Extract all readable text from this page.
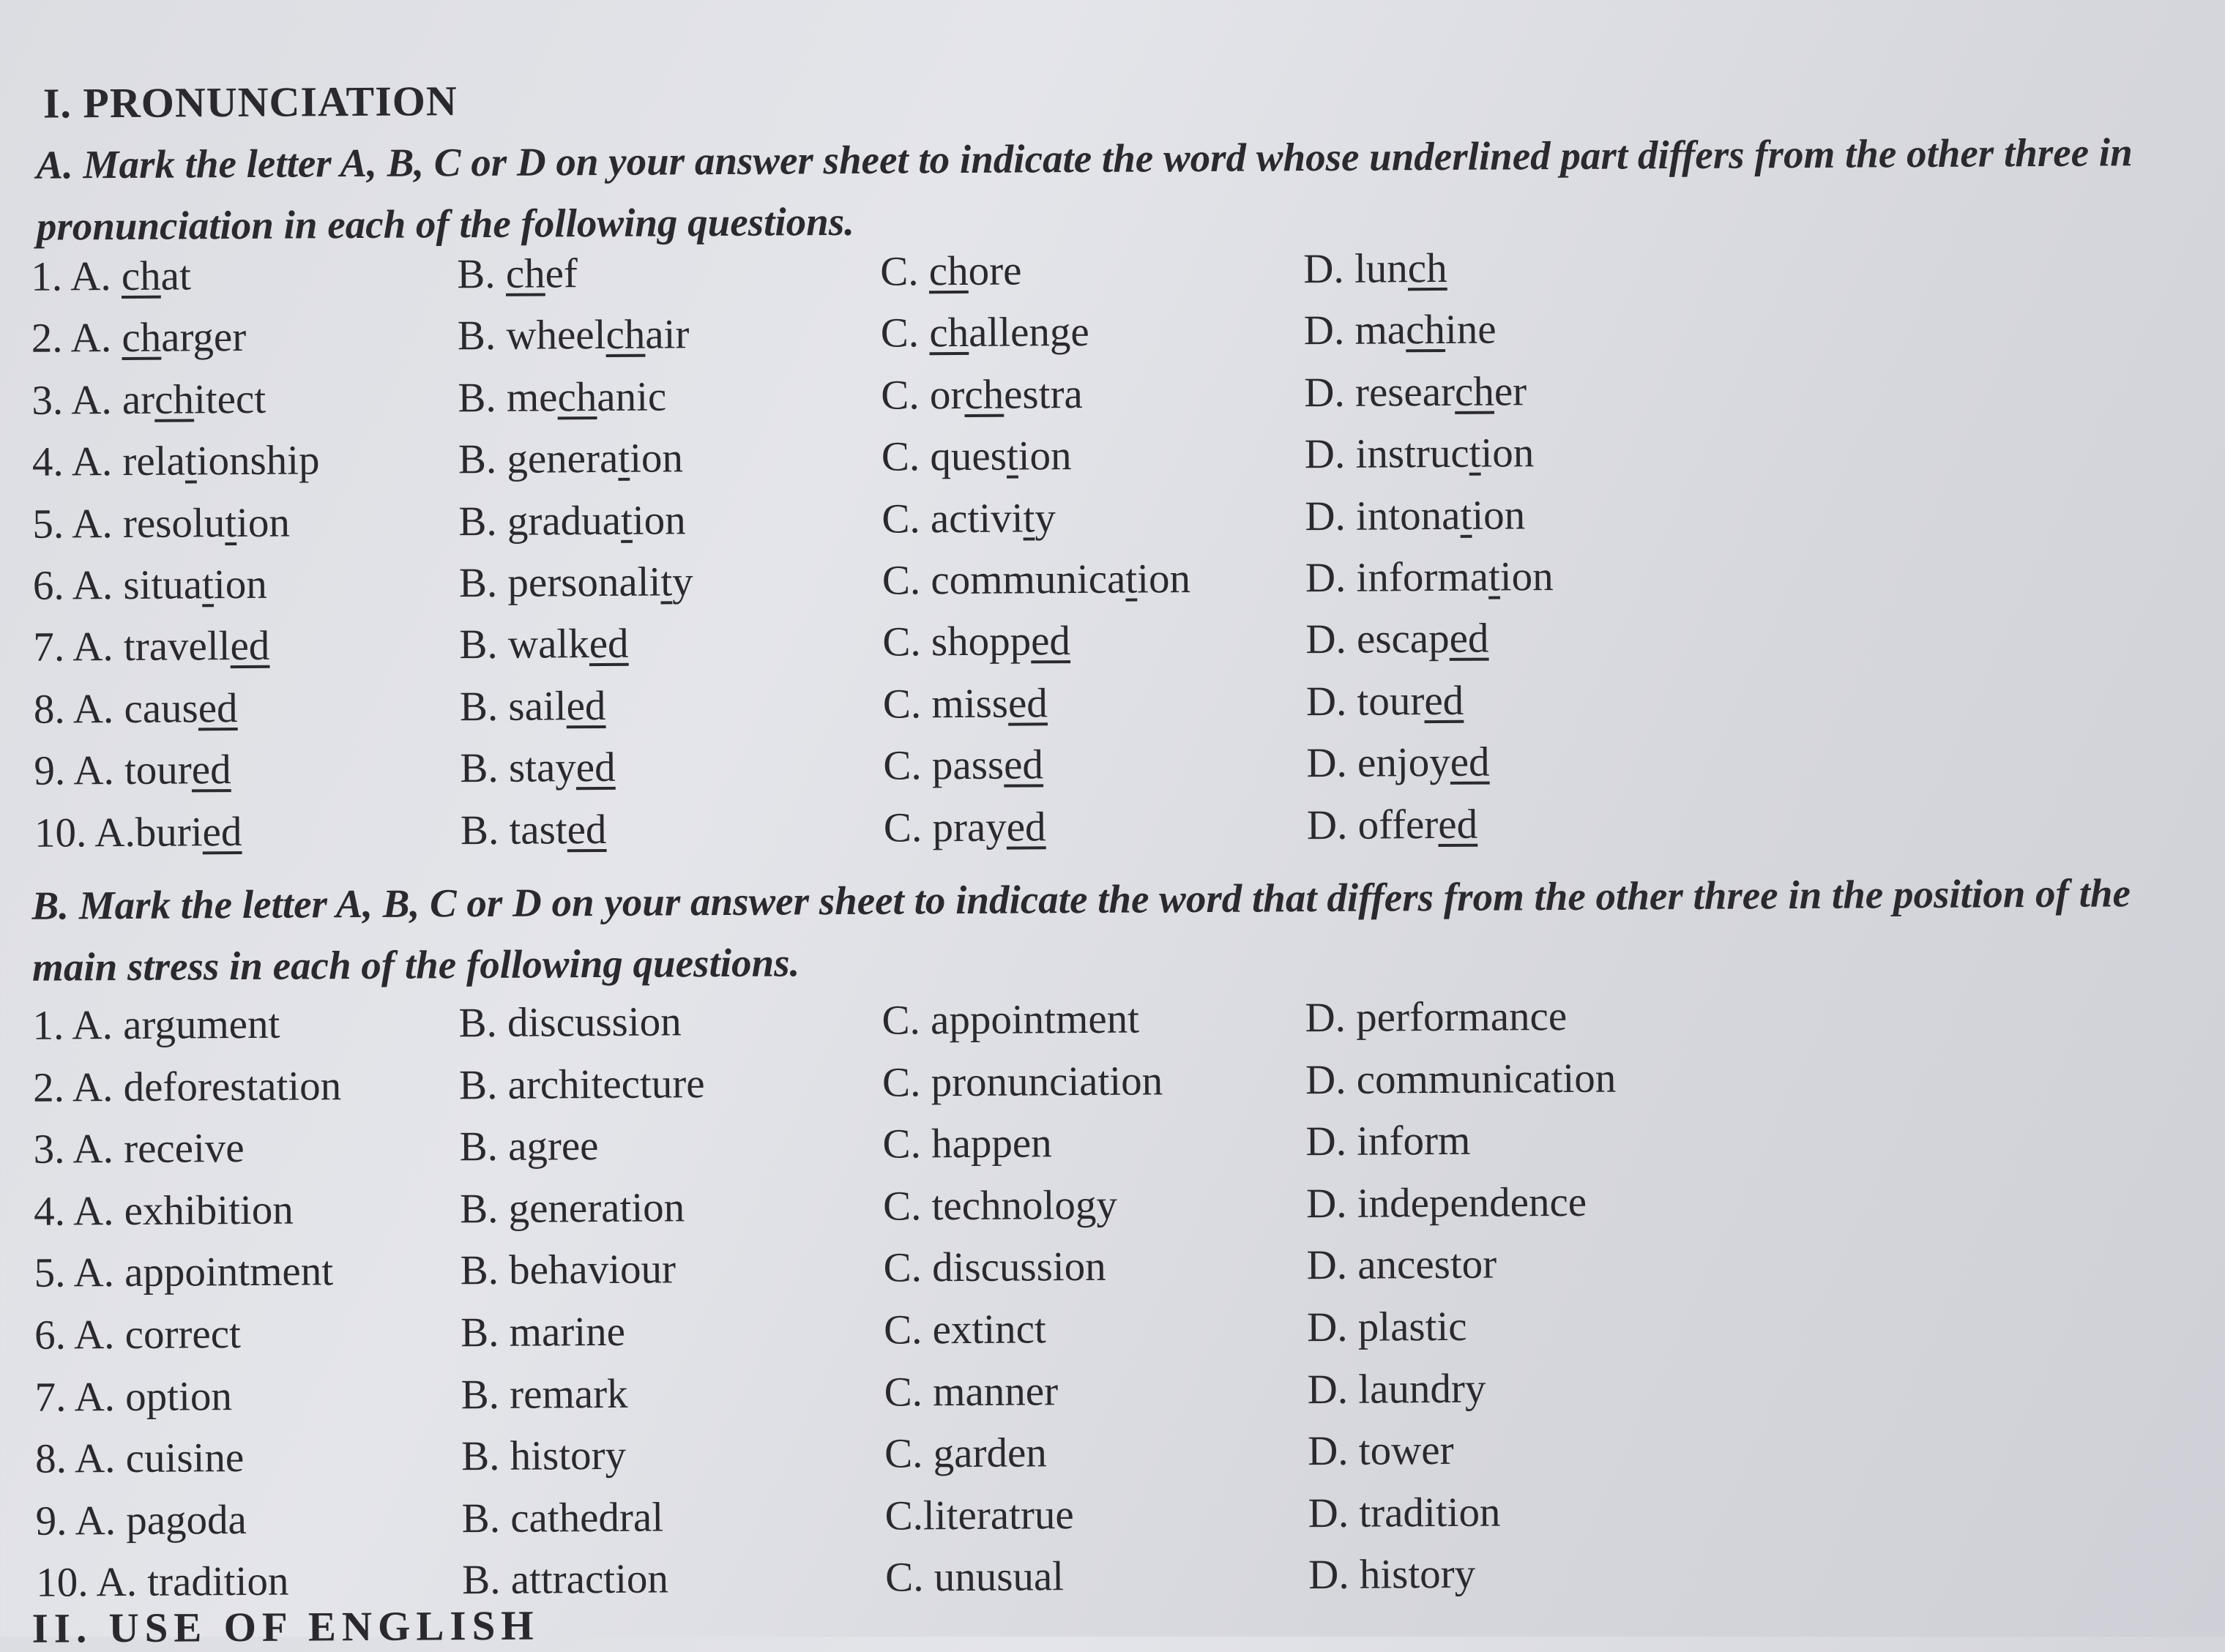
I. PRONUNCIATION
A. Mark the letter A, B, C or D on your answer sheet to indicate the word whose underlined part differs from the other three in pronunciation in each of the following questions.
1. A. chat	B. chef	C. chore	D. lunch
2. A. charger	B. wheelchair	C. challenge	D. machine
3. A. architect	B. mechanic	C. orchestra	D. researcher
4. A. relationship	B. generation	C. question	D. instruction
5. A. resolution	B. graduation	C. activity	D. intonation
6. A. situation	B. personality	C. communication	D. information
7. A. travelled	B. walked	C. shopped	D. escaped
8. A. caused	B. sailed	C. missed	D. toured
9. A. toured	B. stayed	C. passed	D. enjoyed
10. A.buried	B. tasted	C. prayed	D. offered
B. Mark the letter A, B, C or D on your answer sheet to indicate the word that differs from the other three in the position of the main stress in each of the following questions.
1. A. argument	B. discussion	C. appointment	D. performance
2. A. deforestation	B. architecture	C. pronunciation	D. communication
3. A. receive	B. agree	C. happen	D. inform
4. A. exhibition	B. generation	C. technology	D. independence
5. A. appointment	B. behaviour	C. discussion	D. ancestor
6. A. correct	B. marine	C. extinct	D. plastic
7. A. option	B. remark	C. manner	D. laundry
8. A. cuisine	B. history	C. garden	D. tower
9. A. pagoda	B. cathedral	C.literatrue	D. tradition
10. A. tradition	B. attraction	C. unusual	D. history
II. USE OF ENGLISH
